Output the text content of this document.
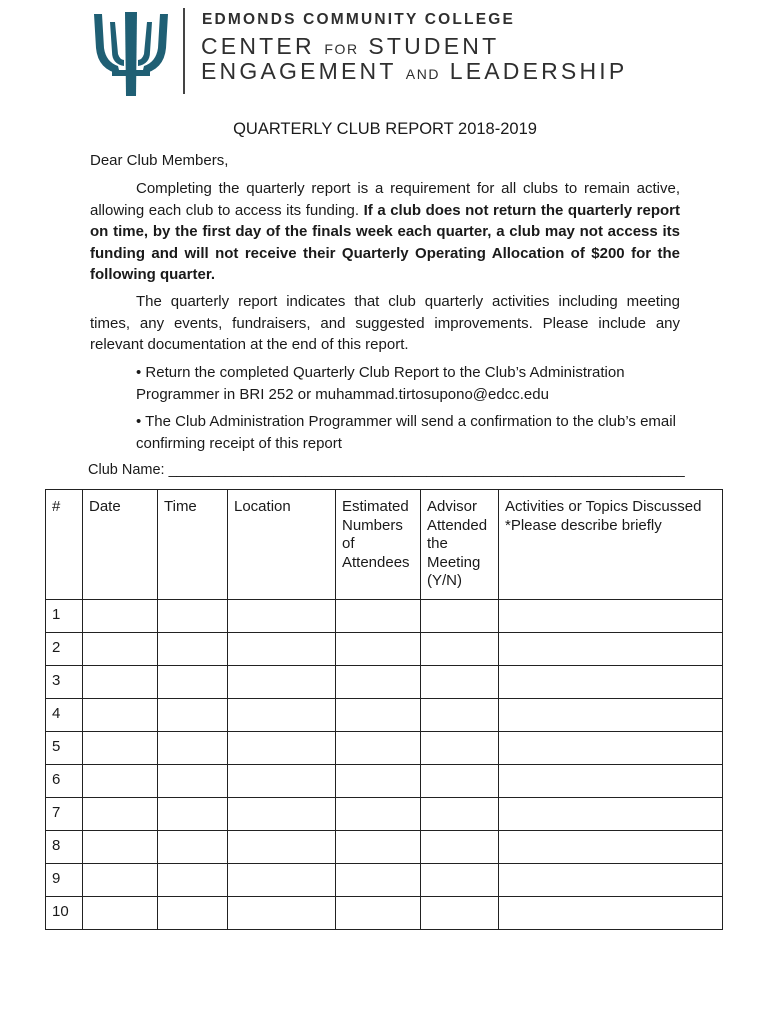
EDMONDS COMMUNITY COLLEGE
CENTER FOR STUDENT
ENGAGEMENT AND LEADERSHIP
QUARTERLY CLUB REPORT 2018-2019
Dear Club Members,
Completing the quarterly report is a requirement for all clubs to remain active, allowing each club to access its funding. If a club does not return the quarterly report on time, by the first day of the finals week each quarter, a club may not access its funding and will not receive their Quarterly Operating Allocation of $200 for the following quarter.
The quarterly report indicates that club quarterly activities including meeting times, any events, fundraisers, and suggested improvements. Please include any relevant documentation at the end of this report.
• Return the completed Quarterly Club Report to the Club’s Administration Programmer in BRI 252 or muhammad.tirtosupono@edcc.edu
• The Club Administration Programmer will send a confirmation to the club’s email confirming receipt of this report
Club Name: ________________________________________________________________
#	Date	Time	Location	Estimated Numbers of Attendees	Advisor Attended the Meeting (Y/N)	Activities or Topics Discussed *Please describe briefly
1						
2						
3						
4						
5						
6						
7						
8						
9						
10						
